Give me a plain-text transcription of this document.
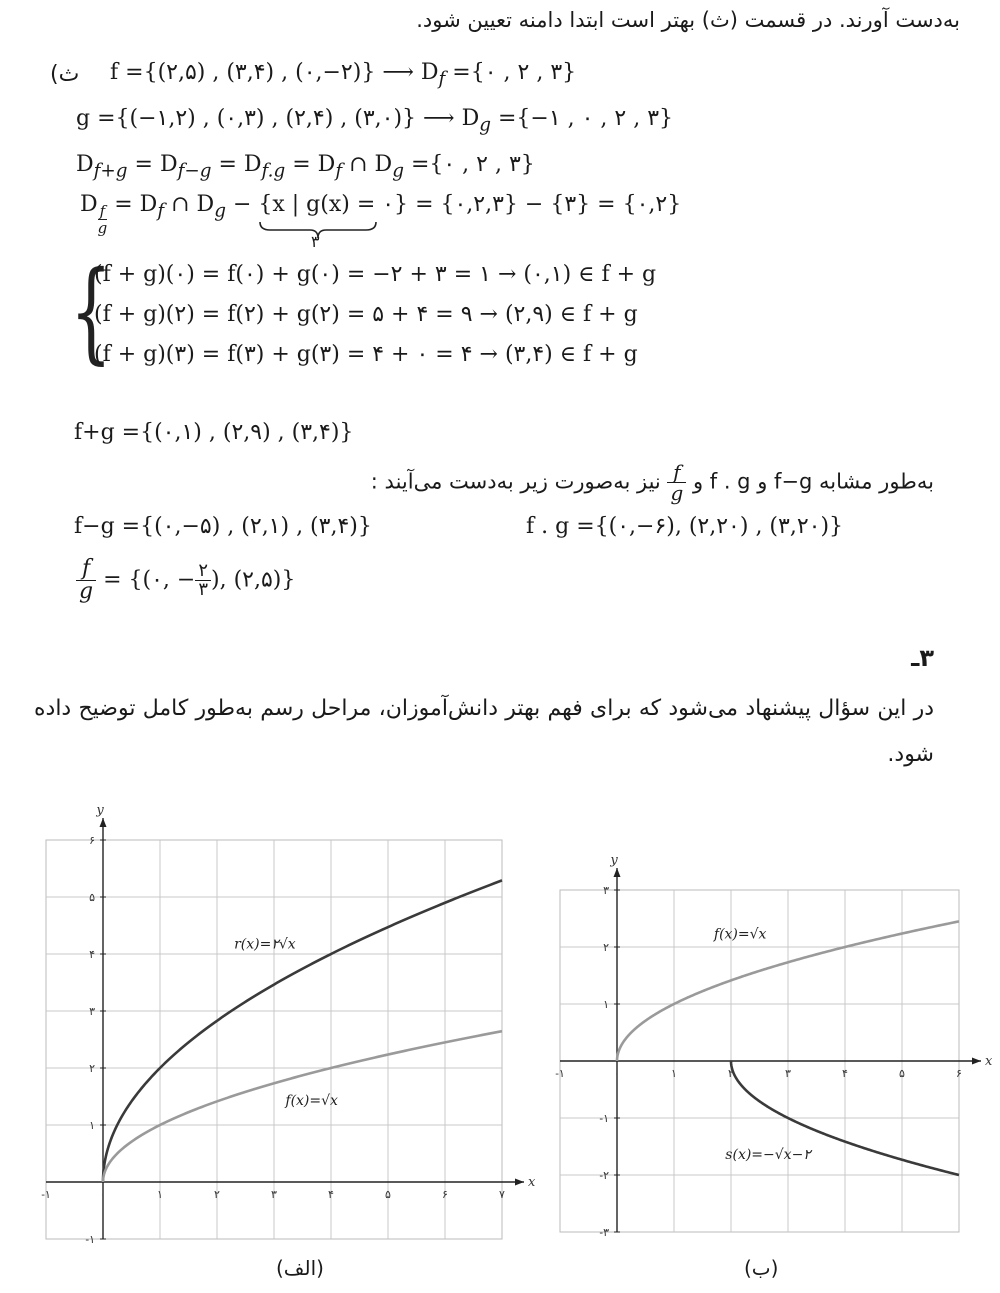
به‌دست آورند. در قسمت (ث) بهتر است ابتدا دامنه تعیین شود.
ث) f ={(۲,۵) , (۳,۴) , (۰,−۲)} ⟶ $D_f$ ={۰ , ۲ , ۳}
g ={(−۱,۲) , (۰,۳) , (۲,۴) , (۳,۰)} ⟶ $D_g$ ={−۱ , ۰ , ۲ , ۳}
$D_{f+g} = D_{f-g} = D_{f.g} = D_f$ ∩ $D_g$ ={۰ , ۲ , ۳}
D $_{\frac{f}{g}} = D_f$ ∩ $D_g - \{x$ | g(x) = ۰} = {۰,۲,۳} − {۳} = {۰,۲}
۳
{
(f + g)(۰) = f(۰) + g(۰) = −۲ + ۳ = ۱ → (۰,۱) ∈ f + g
(f + g)(۲) = f(۲) + g(۲) = ۵ + ۴ = ۹ → (۲,۹) ∈ f + g
(f + g)(۳) = f(۳) + g(۳) = ۴ + ۰ = ۴ → (۳,۴) ∈ f + g
f+g ={(۰,۱) , (۲,۹) , (۳,۴)}
به‌طور مشابه f−g و f . g و
$\frac{f}{g}$
نیز به‌صورت زیر به‌دست می‌آیند :
f−g ={(۰,−۵) , (۲,۱) , (۳,۴)}	f . g ={(۰,−۶), (۲,۲۰) , (۳,۲۰)}
$\frac{f}{g}$ = {(۰, − $\frac{۲}{۳}$ ), (۲,۵)}
۳ـ
در این سؤال پیشنهاد می‌شود که برای فهم بهتر دانش‌آموزان، مراحل رسم به‌طور کامل توضیح داده شود.
x
y
-۱	۰	۱	۲	۳	۴	۵	۶	۷
-۱
۱
۲
۳
۴
۵
۶
r(x)=۲√x
f(x)=√x
(الف)
x
y
-۱	۰	۱	۲	۳	۴	۵	۶
-۳
-۲
-۱
۱
۲
۳
f(x)=√x
s(x)=−√x−۲
(ب)
